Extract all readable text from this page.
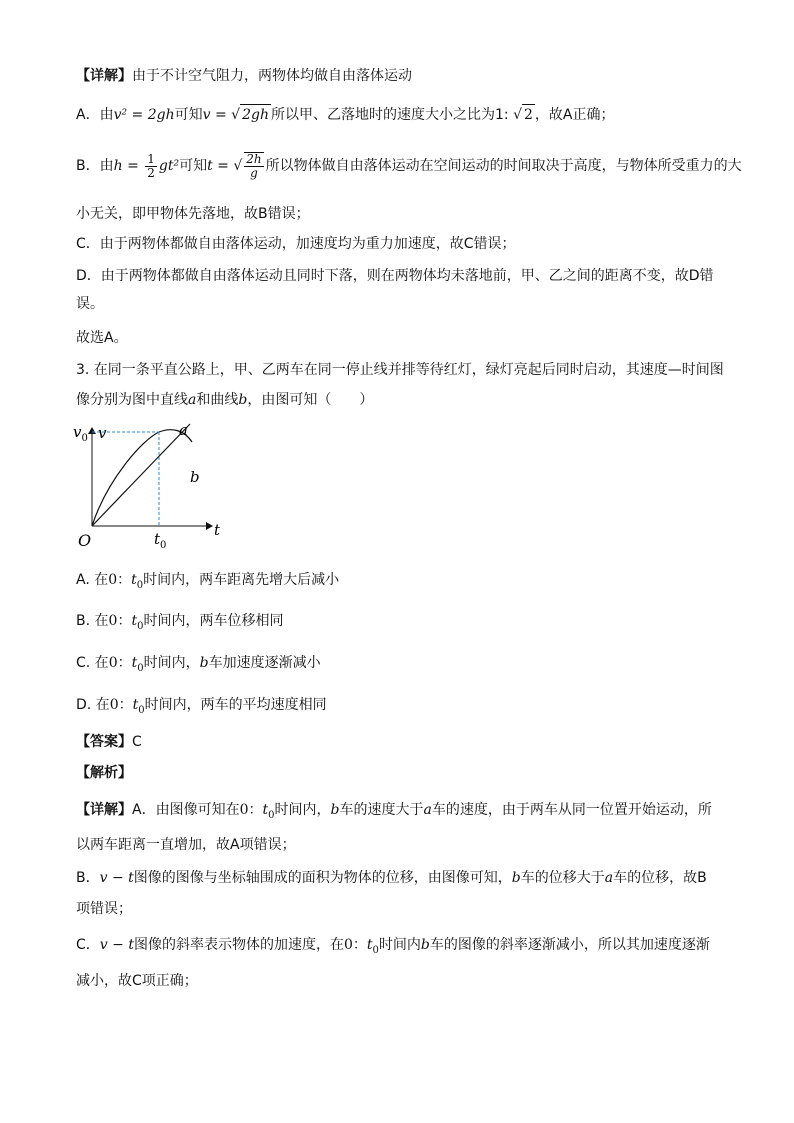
【详解】由于不计空气阻力，两物体均做自由落体运动
A．由v² = 2gh可知v = √ 2gh 所以甲、乙落地时的速度大小之比为1: √ 2 ，故A正确；
B．由$h = \frac{1}{2} gt^2$可知t = √ $\frac{2h}{g}$ 所以物体做自由落体运动在空间运动的时间取决于高度，与物体所受重力的大
小无关，即甲物体先落地，故B错误；
C．由于两物体都做自由落体运动，加速度均为重力加速度，故C错误；
D．由于两物体都做自由落体运动且同时下落，则在两物体均未落地前，甲、乙之间的距离不变，故D错
误。
故选A。
3. 在同一条平直公路上，甲、乙两车在同一停止线并排等待红灯，绿灯亮起后同时启动，其速度—时间图
像分别为图中直线a和曲线b，由图可知（　　）
v
$v_0$
t
$t_0$
O
a
b
A. 在0：$t_0$时间内，两车距离先增大后减小
B. 在0：$t_0$时间内，两车位移相同
C. 在0：$t_0$时间内，b车加速度逐渐减小
D. 在0：$t_0$时间内，两车的平均速度相同
【答案】C
【解析】
【详解】A．由图像可知在0：$t_0$时间内，b车的速度大于a车的速度，由于两车从同一位置开始运动，所
以两车距离一直增加，故A项错误；
B．v − t图像的图像与坐标轴围成的面积为物体的位移，由图像可知，b车的位移大于a车的位移，故B
项错误；
C．v − t图像的斜率表示物体的加速度，在0：$t_0$时间内b车的图像的斜率逐渐减小，所以其加速度逐渐
减小，故C项正确；
